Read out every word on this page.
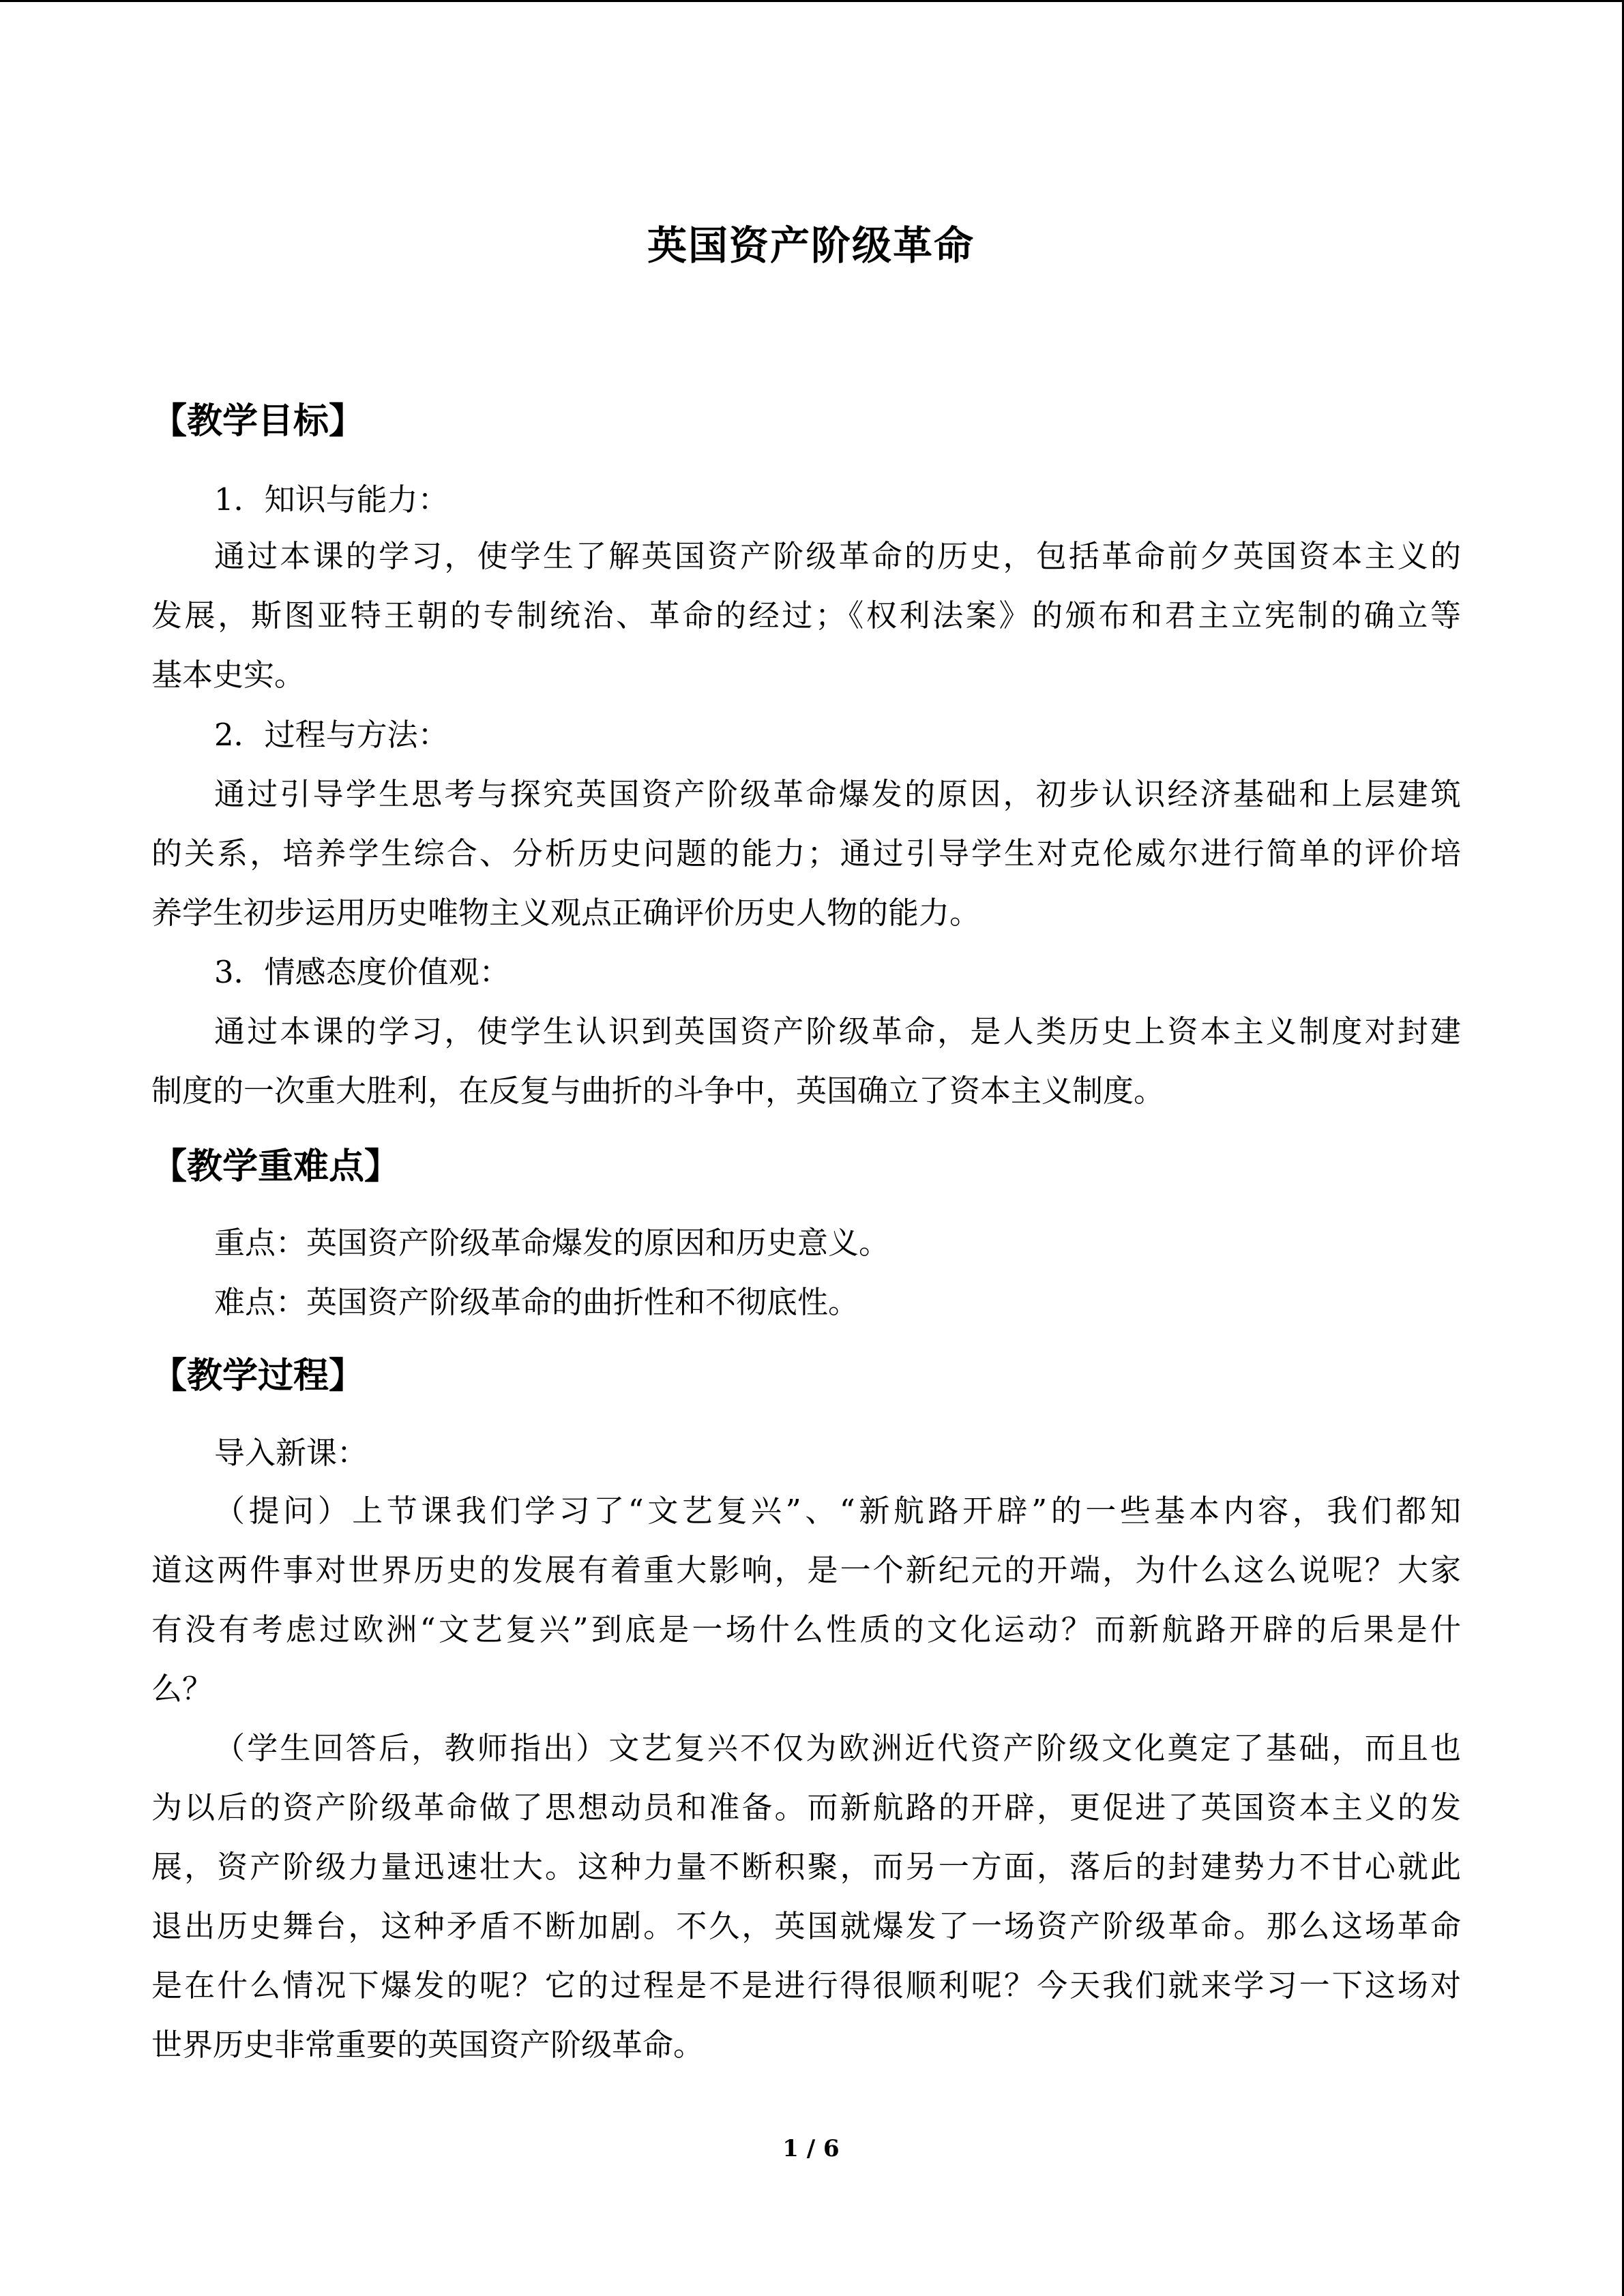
英国资产阶级革命
【教学目标】
1．知识与能力：
通过本课的学习，使学生了解英国资产阶级革命的历史，包括革命前夕英国资本主义的
发展，斯图亚特王朝的专制统治、革命的经过；《权利法案》的颁布和君主立宪制的确立等
基本史实。
2．过程与方法：
通过引导学生思考与探究英国资产阶级革命爆发的原因，初步认识经济基础和上层建筑
的关系，培养学生综合、分析历史问题的能力；通过引导学生对克伦威尔进行简单的评价培
养学生初步运用历史唯物主义观点正确评价历史人物的能力。
3．情感态度价值观：
通过本课的学习，使学生认识到英国资产阶级革命，是人类历史上资本主义制度对封建
制度的一次重大胜利，在反复与曲折的斗争中，英国确立了资本主义制度。
【教学重难点】
重点：英国资产阶级革命爆发的原因和历史意义。
难点：英国资产阶级革命的曲折性和不彻底性。
【教学过程】
导入新课：
（提问）上节课我们学习了“文艺复兴”、“新航路开辟”的一些基本内容，我们都知
道这两件事对世界历史的发展有着重大影响，是一个新纪元的开端，为什么这么说呢？大家
有没有考虑过欧洲“文艺复兴”到底是一场什么性质的文化运动？而新航路开辟的后果是什
么？
（学生回答后，教师指出）文艺复兴不仅为欧洲近代资产阶级文化奠定了基础，而且也
为以后的资产阶级革命做了思想动员和准备。而新航路的开辟，更促进了英国资本主义的发
展，资产阶级力量迅速壮大。这种力量不断积聚，而另一方面，落后的封建势力不甘心就此
退出历史舞台，这种矛盾不断加剧。不久，英国就爆发了一场资产阶级革命。那么这场革命
是在什么情况下爆发的呢？它的过程是不是进行得很顺利呢？今天我们就来学习一下这场对
世界历史非常重要的英国资产阶级革命。
1 / 6
